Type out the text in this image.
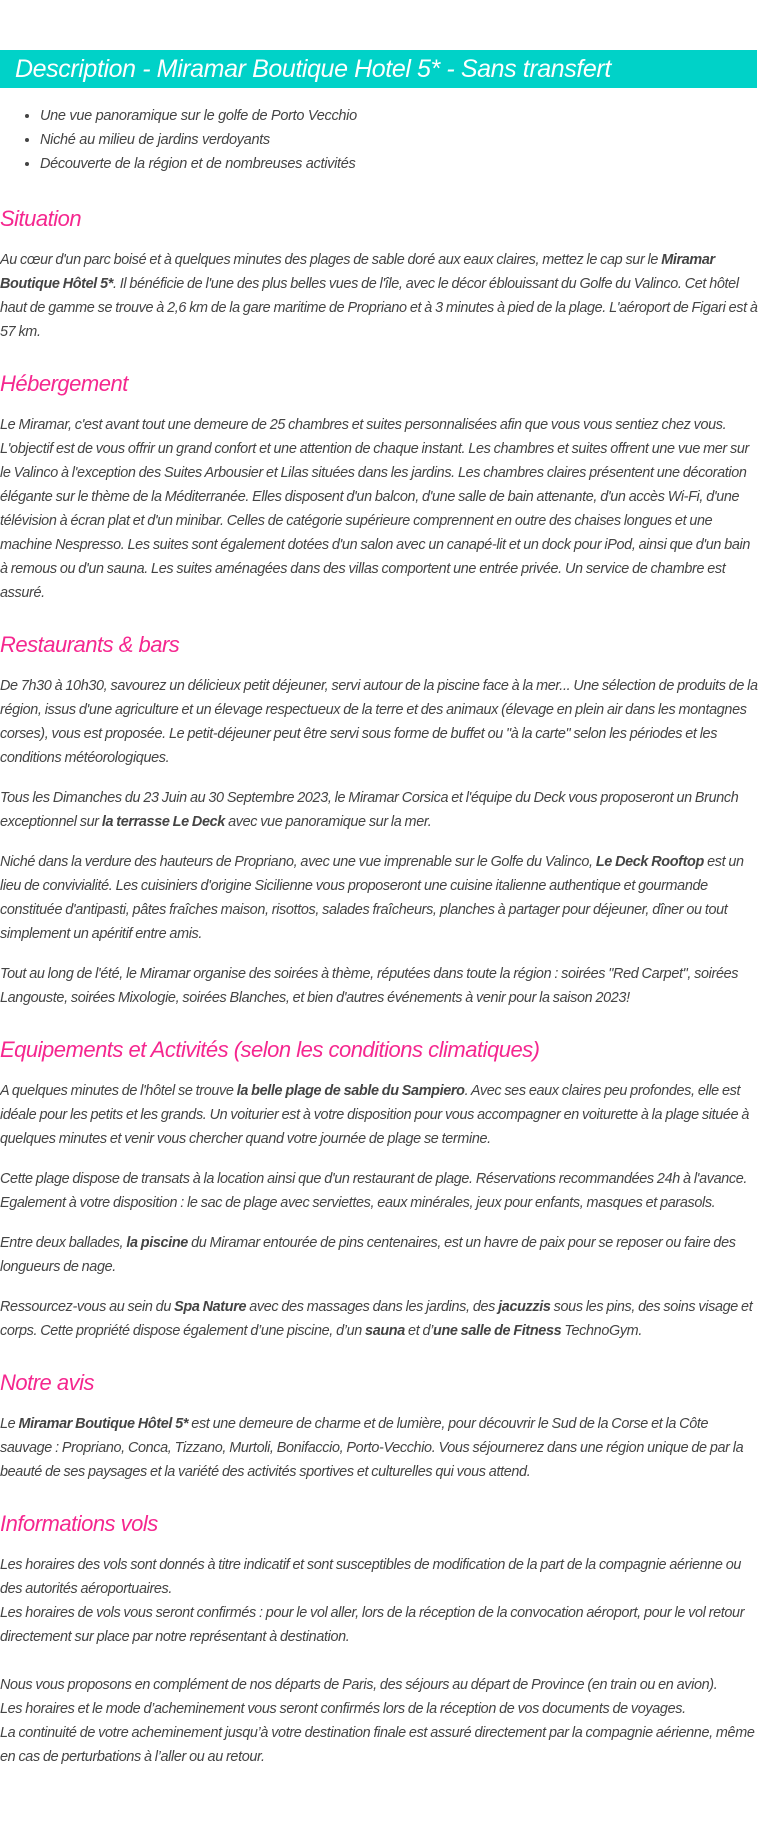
Description - Miramar Boutique Hotel 5* - Sans transfert
• Une vue panoramique sur le golfe de Porto Vecchio
• Niché au milieu de jardins verdoyants
• Découverte de la région et de nombreuses activités
Situation

Au cœur d'un parc boisé et à quelques minutes des plages de sable doré aux eaux claires, mettez le cap sur le Miramar Boutique Hôtel 5*. Il bénéficie de l'une des plus belles vues de l'île, avec le décor éblouissant du Golfe du Valinco. Cet hôtel haut de gamme se trouve à 2,6 km de la gare maritime de Propriano et à 3 minutes à pied de la plage. L'aéroport de Figari est à 57 km.

Hébergement

Le Miramar, c'est avant tout une demeure de 25 chambres et suites personnalisées afin que vous vous sentiez chez vous. L'objectif est de vous offrir un grand confort et une attention de chaque instant. Les chambres et suites offrent une vue mer sur le Valinco à l'exception des Suites Arbousier et Lilas situées dans les jardins. Les chambres claires présentent une décoration élégante sur le thème de la Méditerranée. Elles disposent d'un balcon, d'une salle de bain attenante, d'un accès Wi-Fi, d'une télévision à écran plat et d'un minibar. Celles de catégorie supérieure comprennent en outre des chaises longues et une machine Nespresso. Les suites sont également dotées d'un salon avec un canapé-lit et un dock pour iPod, ainsi que d'un bain à remous ou d'un sauna. Les suites aménagées dans des villas comportent une entrée privée. Un service de chambre est assuré.

Restaurants & bars

De 7h30 à 10h30, savourez un délicieux petit déjeuner, servi autour de la piscine face à la mer... Une sélection de produits de la région, issus d'une agriculture et un élevage respectueux de la terre et des animaux (élevage en plein air dans les montagnes corses), vous est proposée. Le petit-déjeuner peut être servi sous forme de buffet ou "à la carte" selon les périodes et les conditions météorologiques.

Tous les Dimanches du 23 Juin au 30 Septembre 2023, le Miramar Corsica et l'équipe du Deck vous proposeront un Brunch exceptionnel sur la terrasse Le Deck avec vue panoramique sur la mer.

Niché dans la verdure des hauteurs de Propriano, avec une vue imprenable sur le Golfe du Valinco, Le Deck Rooftop est un lieu de convivialité. Les cuisiniers d'origine Sicilienne vous proposeront une cuisine italienne authentique et gourmande constituée d'antipasti, pâtes fraîches maison, risottos, salades fraîcheurs, planches à partager pour déjeuner, dîner ou tout simplement un apéritif entre amis.

Tout au long de l'été, le Miramar organise des soirées à thème, réputées dans toute la région : soirées "Red Carpet", soirées Langouste, soirées Mixologie, soirées Blanches, et bien d'autres événements à venir pour la saison 2023!

Equipements et Activités (selon les conditions climatiques)

A quelques minutes de l'hôtel se trouve la belle plage de sable du Sampiero. Avec ses eaux claires peu profondes, elle est idéale pour les petits et les grands. Un voiturier est à votre disposition pour vous accompagner en voiturette à la plage située à quelques minutes et venir vous chercher quand votre journée de plage se termine.

Cette plage dispose de transats à la location ainsi que d'un restaurant de plage. Réservations recommandées 24h à l'avance. Egalement à votre disposition : le sac de plage avec serviettes, eaux minérales, jeux pour enfants, masques et parasols.

Entre deux ballades, la piscine du Miramar entourée de pins centenaires, est un havre de paix pour se reposer ou faire des longueurs de nage.

Ressourcez-vous au sein du Spa Nature avec des massages dans les jardins, des jacuzzis sous les pins, des soins visage et corps. Cette propriété dispose également d’une piscine, d’un sauna et d’une salle de Fitness TechnoGym.

Notre avis

Le Miramar Boutique Hôtel 5* est une demeure de charme et de lumière, pour découvrir le Sud de la Corse et la Côte sauvage : Propriano, Conca, Tizzano, Murtoli, Bonifaccio, Porto-Vecchio. Vous séjournerez dans une région unique de par la beauté de ses paysages et la variété des activités sportives et culturelles qui vous attend.

Informations vols

Les horaires des vols sont donnés à titre indicatif et sont susceptibles de modification de la part de la compagnie aérienne ou des autorités aéroportuaires.
Les horaires de vols vous seront confirmés : pour le vol aller, lors de la réception de la convocation aéroport, pour le vol retour directement sur place par notre représentant à destination.

Nous vous proposons en complément de nos départs de Paris, des séjours au départ de Province (en train ou en avion).
Les horaires et le mode d’acheminement vous seront confirmés lors de la réception de vos documents de voyages.
La continuité de votre acheminement jusqu’à votre destination finale est assuré directement par la compagnie aérienne, même en cas de perturbations à l’aller ou au retour.
